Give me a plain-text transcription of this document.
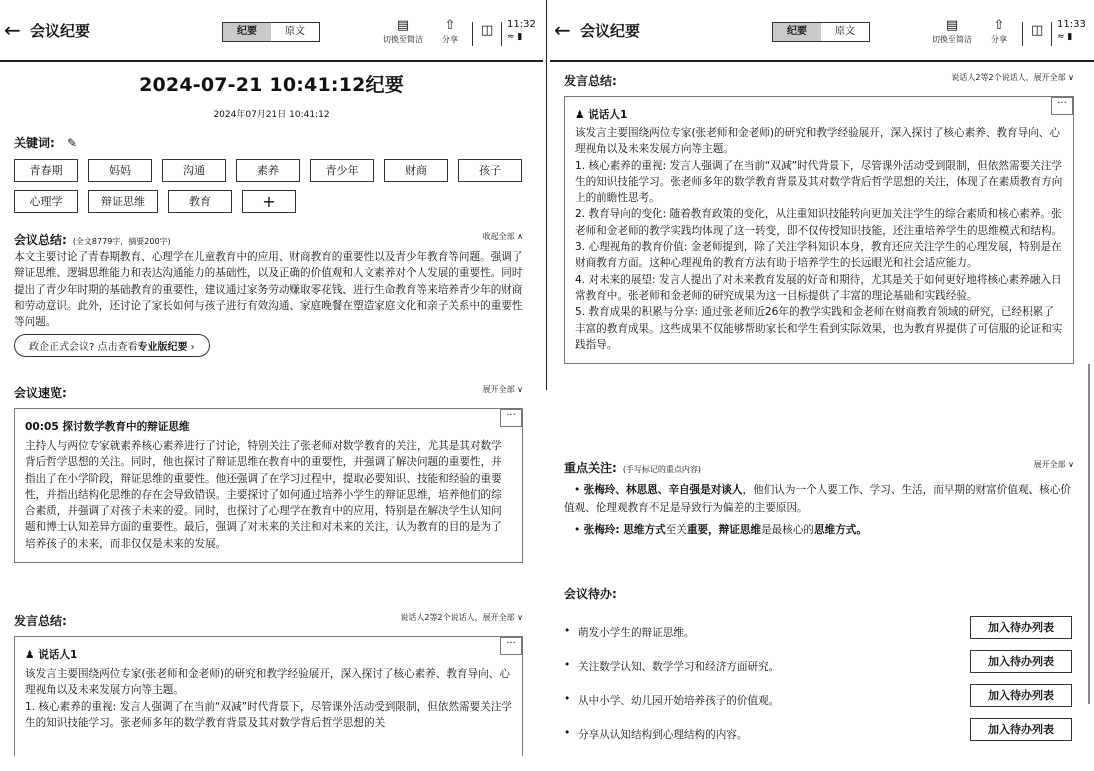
← 会议纪要	纪要	原文	▤
切换至简洁
⇧
分享
◫ 11:32
≈ ▮
2024-07-21 10:41:12纪要
2024年07月21日 10:41:12
关键词: ✎
青春期	妈妈	沟通	素养	青少年	财商	孩子
心理学	辩证思维	教育	+
会议总结: (全文8779字，摘要200字)
收起全部 ∧
本文主要讨论了青春期教育、心理学在儿童教育中的应用、财商教育的重要性以及青少年教育等问题。强调了辩证思维、逻辑思维能力和表达沟通能力的基础性，以及正确的价值观和人文素养对个人发展的重要性。同时提出了青少年时期的基础教育的重要性，建议通过家务劳动赚取零花钱、进行生命教育等来培养青少年的财商和劳动意识。此外，还讨论了家长如何与孩子进行有效沟通、家庭晚餐在塑造家庭文化和亲子关系中的重要性等问题。
政企正式会议? 点击查看专业版纪要 ›
会议速览:	展开全部 ∨
···
00:05 探讨数学教育中的辩证思维
主持人与两位专家就素养核心素养进行了讨论，特别关注了张老师对数学教育的关注，尤其是其对数学背后哲学思想的关注。同时，他也探讨了辩证思维在教育中的重要性，并强调了解决问题的重要性，并指出了在小学阶段，辩证思维的重要性。他还强调了在学习过程中，提取必要知识、技能和经验的重要性，并指出结构化思维的存在会导致错误。主要探讨了如何通过培养小学生的辩证思维，培养他们的综合素质，并强调了对孩子未来的爱。同时，也探讨了心理学在教育中的应用，特别是在解决学生认知问题和博士认知差异方面的重要性。最后，强调了对未来的关注和对未来的关注，认为教育的目的是为了培养孩子的未来，而非仅仅是未来的发展。
发言总结:	说话人2等2个说话人，展开全部 ∨
···
♟ 说话人1
该发言主要围绕两位专家(张老师和金老师)的研究和教学经验展开，深入探讨了核心素养、教育导向、心理视角以及未来发展方向等主题。
1. 核心素养的重视: 发言人强调了在当前“双减”时代背景下，尽管课外活动受到限制，但依然需要关注学生的知识技能学习。张老师多年的数学教育背景及其对数学背后哲学思想的关
← 会议纪要	纪要	原文	▤
切换至简洁
⇧
分享
◫ 11:33
≈ ▮
发言总结:	说话人2等2个说话人，展开全部 ∨
···
♟ 说话人1
该发言主要围绕两位专家(张老师和金老师)的研究和教学经验展开，深入探讨了核心素养、教育导向、心理视角以及未来发展方向等主题。
1. 核心素养的重视: 发言人强调了在当前“双减”时代背景下，尽管课外活动受到限制，但依然需要关注学生的知识技能学习。张老师多年的数学教育背景及其对数学背后哲学思想的关注，体现了在素质教育方向上的前瞻性思考。
2. 教育导向的变化: 随着教育政策的变化，从注重知识技能转向更加关注学生的综合素质和核心素养。张老师和金老师的教学实践均体现了这一转变，即不仅传授知识技能，还注重培养学生的思维模式和结构。
3. 心理视角的教育价值: 金老师提到，除了关注学科知识本身，教育还应关注学生的心理发展，特别是在财商教育方面。这种心理视角的教育方法有助于培养学生的长远眼光和社会适应能力。
4. 对未来的展望: 发言人提出了对未来教育发展的好奇和期待，尤其是关于如何更好地将核心素养融入日常教育中。张老师和金老师的研究成果为这一目标提供了丰富的理论基础和实践经验。
5. 教育成果的积累与分享: 通过张老师近26年的教学实践和金老师在财商教育领域的研究，已经积累了丰富的教育成果。这些成果不仅能够帮助家长和学生看到实际效果，也为教育界提供了可信服的论证和实践指导。
重点关注: (手写标记的重点内容)
展开全部 ∨
• 张梅玲、林思恩、辛自强是对谈人，他们认为一个人要工作、学习、生活，而早期的财富价值观、核心价值观、伦理观教育不足是导致行为偏差的主要原因。
• 张梅玲: 思维方式至关重要，辩证思维是最核心的思维方式。
会议待办:
• 萌发小学生的辩证思维。	加入待办列表
• 关注数学认知、数学学习和经济方面研究。	加入待办列表
• 从中小学、幼儿园开始培养孩子的价值观。	加入待办列表
• 分享从认知结构到心理结构的内容。	加入待办列表
